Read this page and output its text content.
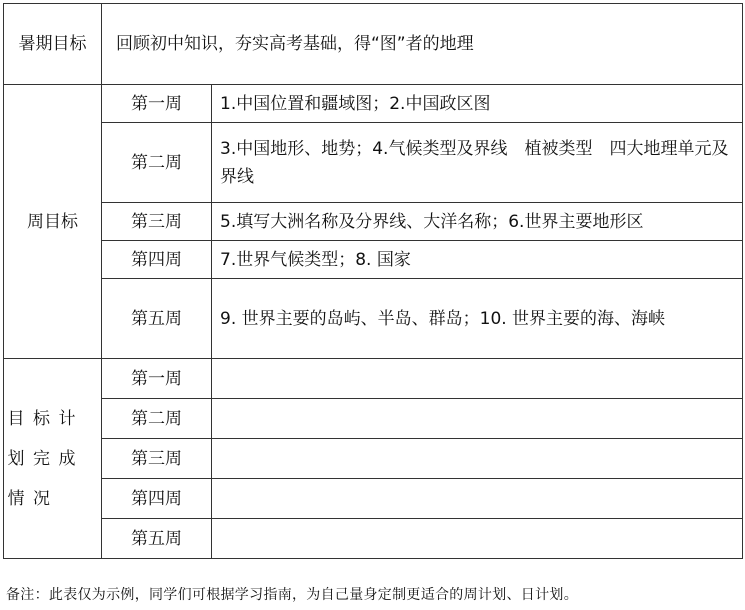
暑期目标	回顾初中知识，夯实高考基础，得“图”者的地理	
周目标	第一周	1.中国位置和疆域图；2.中国政区图
	第二周	3.中国地形、地势；4.气候类型及界线　植被类型　四大地理单元及界线
	第三周	5.填写大洲名称及分界线、大洋名称；6.世界主要地形区
	第四周	7.世界气候类型；8. 国家
	第五周	9. 世界主要的岛屿、半岛、群岛；10. 世界主要的海、海峡
目标计划完成情况	第一周	
	第二周	
	第三周	
	第四周	
	第五周	
备注：此表仅为示例，同学们可根据学习指南，为自己量身定制更适合的周计划、日计划。
